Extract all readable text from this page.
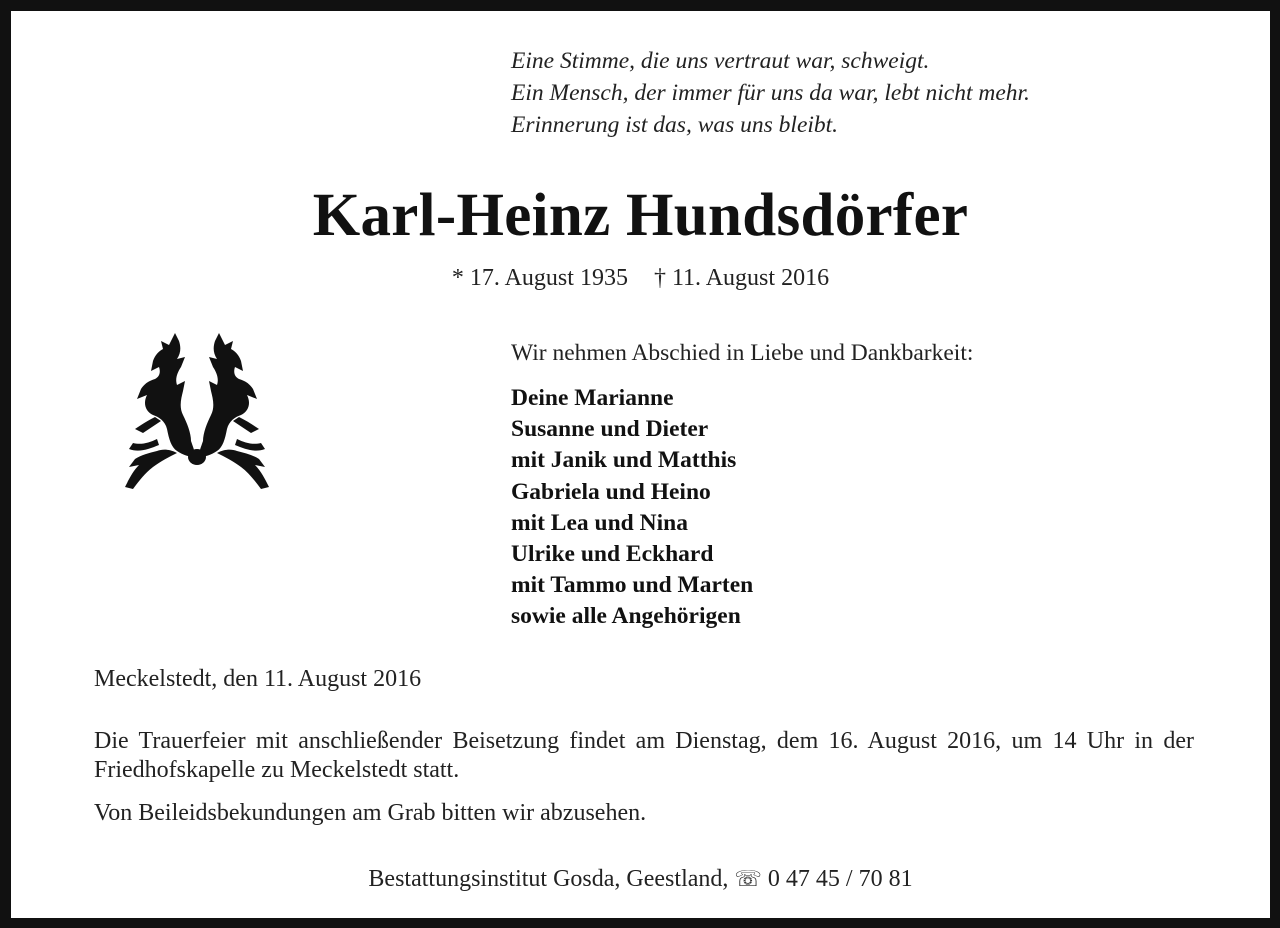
Eine Stimme, die uns vertraut war, schweigt.
Ein Mensch, der immer für uns da war, lebt nicht mehr.
Erinnerung ist das, was uns bleibt.
Karl-Heinz Hundsdörfer
* 17. August 1935 † 11. August 2016
Wir nehmen Abschied in Liebe und Dankbarkeit:
Deine Marianne
Susanne und Dieter
mit Janik und Matthis
Gabriela und Heino
mit Lea und Nina
Ulrike und Eckhard
mit Tammo und Marten
sowie alle Angehörigen
Meckelstedt, den 11. August 2016
Die Trauerfeier mit anschließender Beisetzung findet am Dienstag, dem 16. August 2016, um 14 Uhr in der Friedhofskapelle zu Meckelstedt statt.
Von Beileidsbekundungen am Grab bitten wir abzusehen.
Bestattungsinstitut Gosda, Geestland, ☏ 0 47 45 / 70 81
